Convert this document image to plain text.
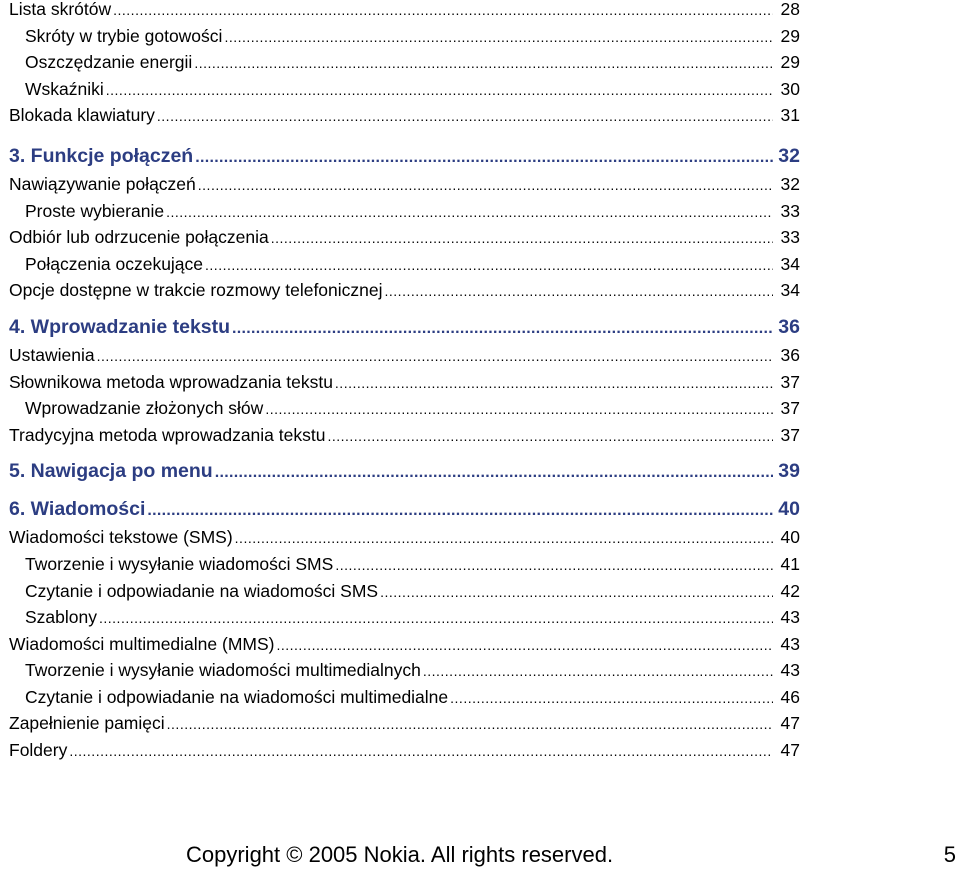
Lista skrótów .....	28
Skróty w trybie gotowości .....	29
Oszczędzanie energii .....	29
Wskaźniki .....	30
Blokada klawiatury .....	31
3. Funkcje połączeń .....	32
Nawiązywanie połączeń .....	32
Proste wybieranie .....	33
Odbiór lub odrzucenie połączenia .....	33
Połączenia oczekujące .....	34
Opcje dostępne w trakcie rozmowy telefonicznej .....	34
4. Wprowadzanie tekstu .....	36
Ustawienia .....	36
Słownikowa metoda wprowadzania tekstu .....	37
Wprowadzanie złożonych słów .....	37
Tradycyjna metoda wprowadzania tekstu .....	37
5. Nawigacja po menu .....	39
6. Wiadomości .....	40
Wiadomości tekstowe (SMS) .....	40
Tworzenie i wysyłanie wiadomości SMS .....	41
Czytanie i odpowiadanie na wiadomości SMS .....	42
Szablony .....	43
Wiadomości multimedialne (MMS) .....	43
Tworzenie i wysyłanie wiadomości multimedialnych .....	43
Czytanie i odpowiadanie na wiadomości multimedialne .....	46
Zapełnienie pamięci .....	47
Foldery .....	47
Copyright © 2005 Nokia. All rights reserved.	5
